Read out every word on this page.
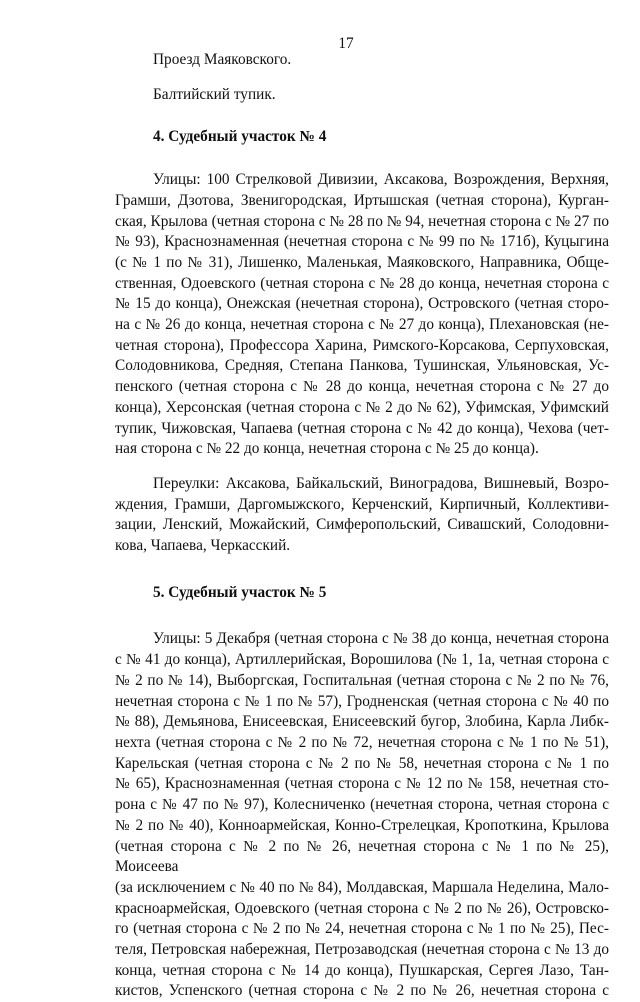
17
Проезд Маяковского.
Балтийский тупик.
4. Судебный участок № 4
Улицы: 100 Стрелковой Дивизии, Аксакова, Возрождения, Верхняя,
Грамши, Дзотова, Звенигородская, Иртышская (четная сторона), Курган-
ская, Крылова (четная сторона с № 28 по № 94, нечетная сторона с № 27 по
№ 93), Краснознаменная (нечетная сторона с № 99 по № 171б), Куцыгина
(с № 1 по № 31), Лишенко, Маленькая, Маяковского, Направника, Обще-
ственная, Одоевского (четная сторона с № 28 до конца, нечетная сторона с
№ 15 до конца), Онежская (нечетная сторона), Островского (четная сторо-
на с № 26 до конца, нечетная сторона с № 27 до конца), Плехановская (не-
четная сторона), Профессора Харина, Римского-Корсакова, Серпуховская,
Солодовникова, Средняя, Степана Панкова, Тушинская, Ульяновская, Ус-
пенского (четная сторона с № 28 до конца, нечетная сторона с № 27 до
конца), Херсонская (четная сторона с № 2 до № 62), Уфимская, Уфимский
тупик, Чижовская, Чапаева (четная сторона с № 42 до конца), Чехова (чет-
ная сторона с № 22 до конца, нечетная сторона с № 25 до конца).
Переулки: Аксакова, Байкальский, Виноградова, Вишневый, Возро-
ждения, Грамши, Даргомыжского, Керченский, Кирпичный, Коллективи-
зации, Ленский, Можайский, Симферопольский, Сивашский, Солодовни-
кова, Чапаева, Черкасский.
5. Судебный участок № 5
Улицы: 5 Декабря (четная сторона с № 38 до конца, нечетная сторона
с № 41 до конца), Артиллерийская, Ворошилова (№ 1, 1а, четная сторона с
№ 2 по № 14), Выборгская, Госпитальная (четная сторона с № 2 по № 76,
нечетная сторона с № 1 по № 57), Гродненская (четная сторона с № 40 по
№ 88), Демьянова, Енисеевская, Енисеевский бугор, Злобина, Карла Либк-
нехта (четная сторона с № 2 по № 72, нечетная сторона с № 1 по № 51),
Карельская (четная сторона с № 2 по № 58, нечетная сторона с № 1 по
№ 65), Краснознаменная (четная сторона с № 12 по № 158, нечетная сто-
рона с № 47 по № 97), Колесниченко (нечетная сторона, четная сторона с
№ 2 по № 40), Конноармейская, Конно-Стрелецкая, Кропоткина, Крылова
(четная сторона с № 2 по № 26, нечетная сторона с № 1 по № 25), Моисеева
(за исключением с № 40 по № 84), Молдавская, Маршала Неделина, Мало-
красноармейская, Одоевского (четная сторона с № 2 по № 26), Островско-
го (четная сторона с № 2 по № 24, нечетная сторона с № 1 по № 25), Пес-
теля, Петровская набережная, Петрозаводская (нечетная сторона с № 13 до
конца, четная сторона с № 14 до конца), Пушкарская, Сергея Лазо, Тан-
кистов, Успенского (четная сторона с № 2 по № 26, нечетная сторона с
